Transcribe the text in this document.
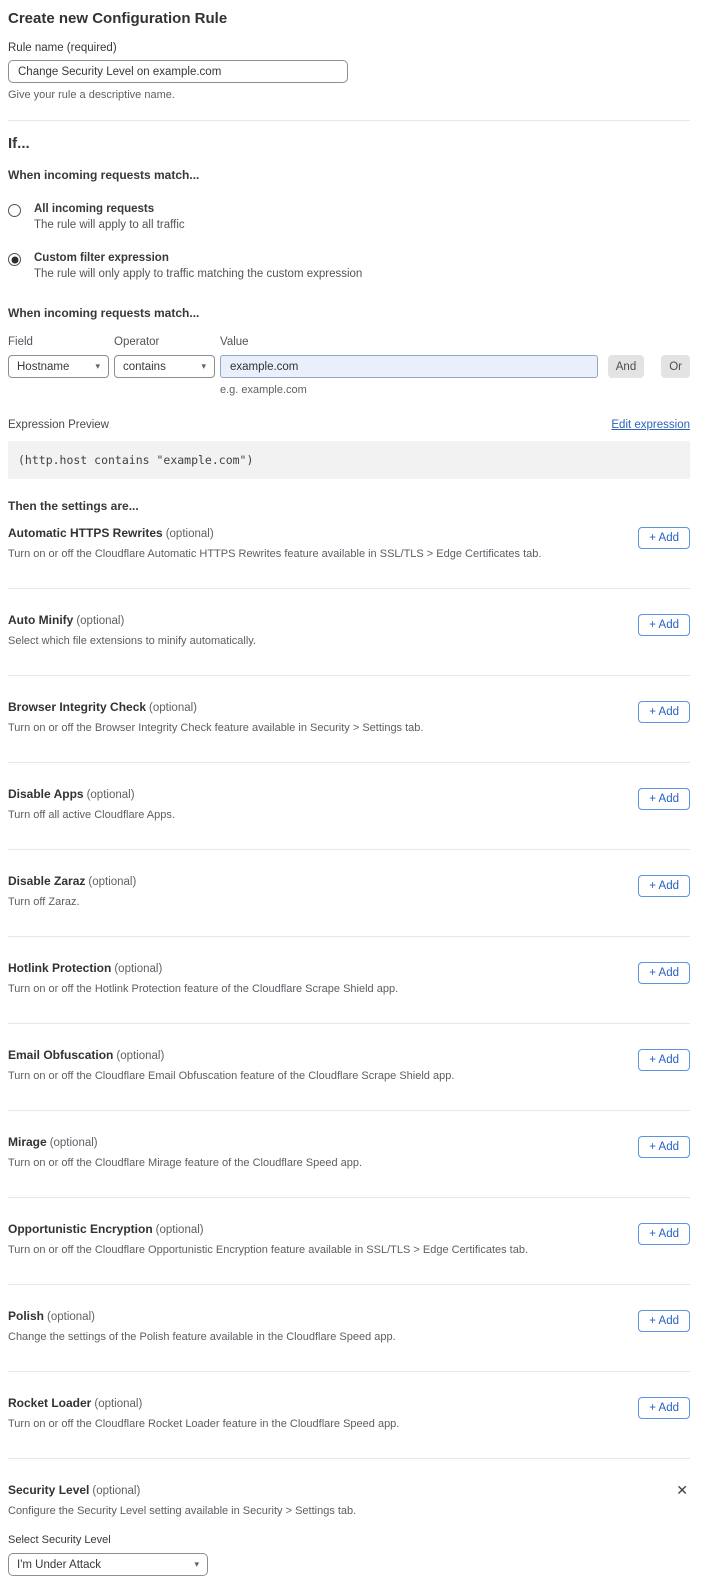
Create new Configuration Rule
Rule name (required)
Change Security Level on example.com
Give your rule a descriptive name.
If...
When incoming requests match...
All incoming requests
The rule will apply to all traffic
Custom filter expression
The rule will only apply to traffic matching the custom expression
When incoming requests match...
Field
Hostname	▾
Operator
contains	▾
Value
example.com
And	Or
e.g. example.com
Expression Preview	Edit expression
(http.host contains "example.com")
Then the settings are...
Automatic HTTPS Rewrites (optional)
Turn on or off the Cloudflare Automatic HTTPS Rewrites feature available in SSL/TLS > Edge Certificates tab.
+ Add
Auto Minify (optional)
Select which file extensions to minify automatically.
+ Add
Browser Integrity Check (optional)
Turn on or off the Browser Integrity Check feature available in Security > Settings tab.
+ Add
Disable Apps (optional)
Turn off all active Cloudflare Apps.
+ Add
Disable Zaraz (optional)
Turn off Zaraz.
+ Add
Hotlink Protection (optional)
Turn on or off the Hotlink Protection feature of the Cloudflare Scrape Shield app.
+ Add
Email Obfuscation (optional)
Turn on or off the Cloudflare Email Obfuscation feature of the Cloudflare Scrape Shield app.
+ Add
Mirage (optional)
Turn on or off the Cloudflare Mirage feature of the Cloudflare Speed app.
+ Add
Opportunistic Encryption (optional)
Turn on or off the Cloudflare Opportunistic Encryption feature available in SSL/TLS > Edge Certificates tab.
+ Add
Polish (optional)
Change the settings of the Polish feature available in the Cloudflare Speed app.
+ Add
Rocket Loader (optional)
Turn on or off the Cloudflare Rocket Loader feature in the Cloudflare Speed app.
+ Add
Security Level (optional)	✕
Configure the Security Level setting available in Security > Settings tab.
Select Security Level
I'm Under Attack	▾
